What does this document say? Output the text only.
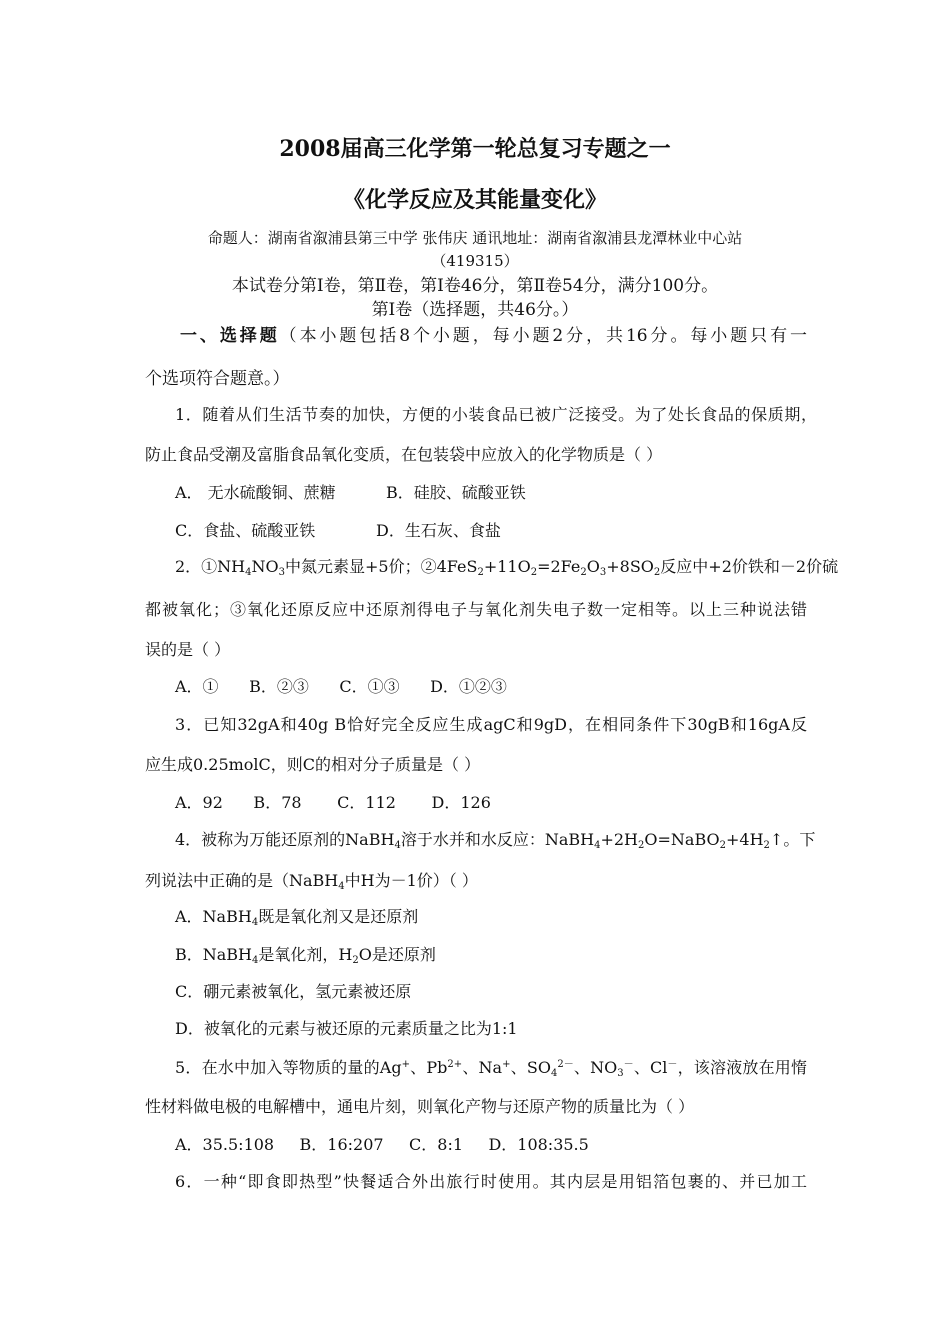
2008届高三化学第一轮总复习专题之一
《化学反应及其能量变化》
命题人：湖南省溆浦县第三中学 张伟庆 通讯地址：湖南省溆浦县龙潭林业中心站
（419315）
本试卷分第Ⅰ卷，第Ⅱ卷，第Ⅰ卷46分，第Ⅱ卷54分，满分100分。
第Ⅰ卷（选择题，共46分。）
一、选择题（本小题包括8个小题，每小题2分，共16分。每小题只有一
个选项符合题意。）
1．随着从们生活节奏的加快，方便的小装食品已被广泛接受。为了处长食品的保质期，
防止食品受潮及富脂食品氧化变质，在包装袋中应放入的化学物质是（ ）
A． 无水硫酸铜、蔗糖	B．硅胶、硫酸亚铁
C．食盐、硫酸亚铁	D．生石灰、食盐
2．$①NH_4NO_3$中氮元素显+5价；$②4FeS_2+11O_2=2Fe_2O_3+8SO_2$反应中+2价铁和－2价硫
都被氧化；③氧化还原反应中还原剂得电子与氧化剂失电子数一定相等。以上三种说法错
误的是（ ）
A．①      B．②③      C．①③      D．①②③
3．已知32gA和40g B恰好完全反应生成agC和9gD，在相同条件下30gB和16gA反
应生成0.25molC，则C的相对分子质量是（ ）
A．92      B．78       C．112       D．126
4．被称为万能还原剂的NaBH$_4$溶于水并和水反应：$NaBH_4+2H_2O=NaBO_2+4H_2↑$。下
列说法中正确的是（NaBH$_4$中H为－1价）（ ）
A．NaBH$_4$既是氧化剂又是还原剂
B．NaBH$_4$是氧化剂，$H_2O$是还原剂
C．硼元素被氧化，氢元素被还原
D．被氧化的元素与被还原的元素质量之比为1:1
5．在水中加入等物质的量的Ag+、$Pb^{2+}$、Na+、$SO_4^{2-}$、$NO_3^-$、Cl－，该溶液放在用惰
性材料做电极的电解槽中，通电片刻，则氧化产物与还原产物的质量比为（ ）
A．35.5:108     B．16:207     C．8:1     D．108:35.5
6．一种“即食即热型”快餐适合外出旅行时使用。其内层是用铝箔包裹的、并已加工
